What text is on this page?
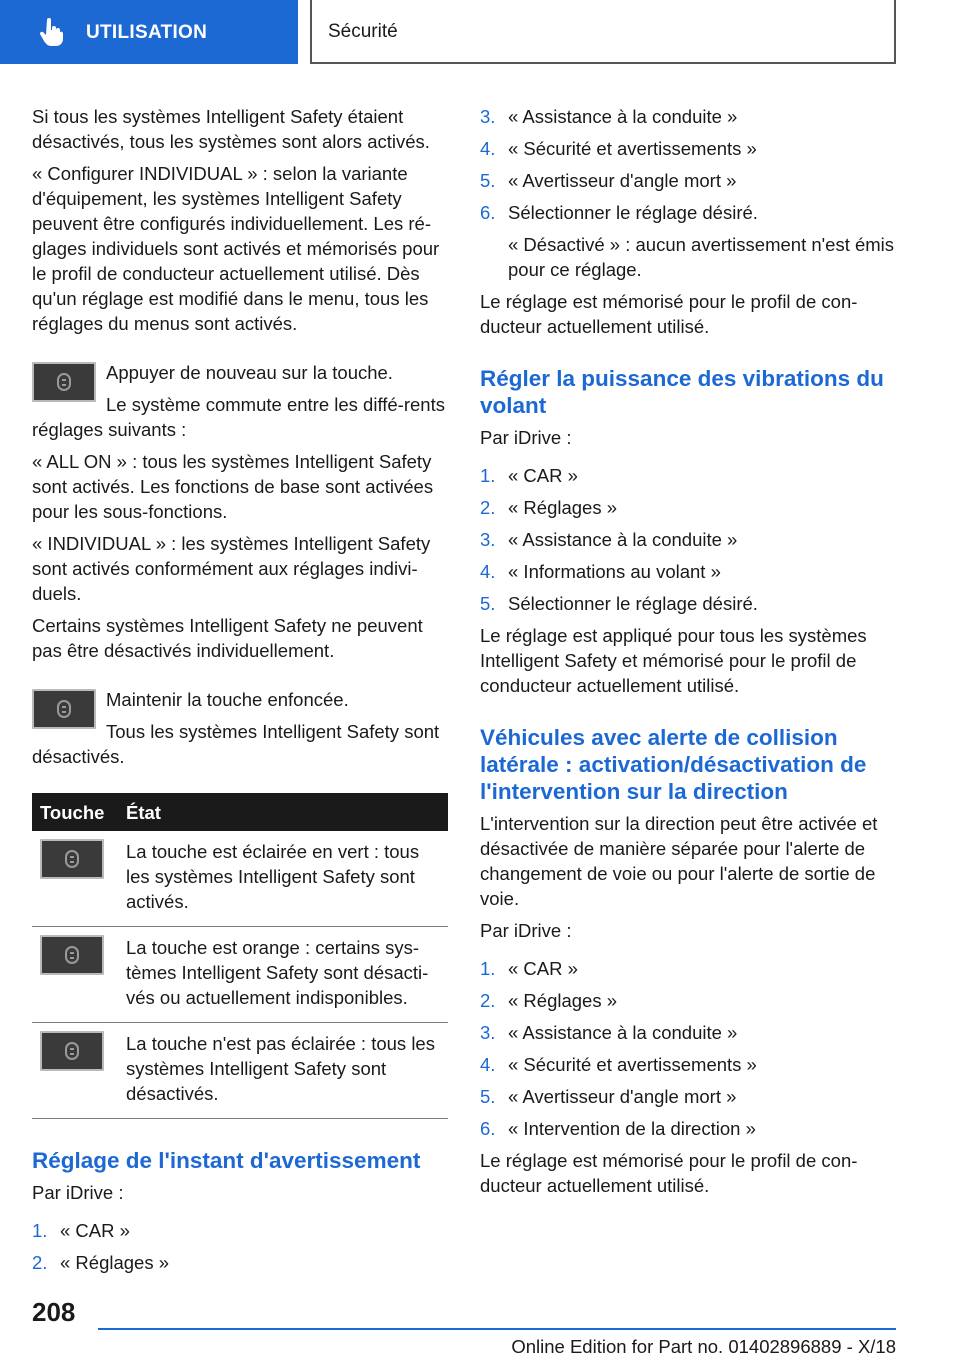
UTILISATION	Sécurité

Si tous les systèmes Intelligent Safety étaient désactivés, tous les systèmes sont alors activés.

« Configurer INDIVIDUAL » : selon la variante d'équipement, les systèmes Intelligent Safety peuvent être configurés individuellement. Les ré‐glages individuels sont activés et mémorisés pour le profil de conducteur actuellement utilisé. Dès qu'un réglage est modifié dans le menu, tous les réglages du menus sont activés.

Appuyer de nouveau sur la touche.

Le système commute entre les diffé‐rents réglages suivants :

« ALL ON » : tous les systèmes Intelligent Safety sont activés. Les fonctions de base sont activées pour les sous-fonctions.

« INDIVIDUAL » : les systèmes Intelligent Safety sont activés conformément aux réglages indivi‐duels.

Certains systèmes Intelligent Safety ne peuvent pas être désactivés individuellement.

Maintenir la touche enfoncée.

Tous les systèmes Intelligent Safety sont désactivés.

Touche	État

	La touche est éclairée en vert : tous les systèmes Intelligent Safety sont activés.

	La touche est orange : certains sys‐tèmes Intelligent Safety sont désacti‐vés ou actuellement indisponibles.

	La touche n'est pas éclairée : tous les systèmes Intelligent Safety sont désactivés.
Réglage de l'instant d'avertissement

Par iDrive :

1. « CAR »
2. « Réglages »
3. « Assistance à la conduite »
4. « Sécurité et avertissements »
5. « Avertisseur d'angle mort »
6. Sélectionner le réglage désiré.

« Désactivé » : aucun avertissement n'est émis pour ce réglage.

Le réglage est mémorisé pour le profil de con‐ducteur actuellement utilisé.

Régler la puissance des vibrations du volant

Par iDrive :

1. « CAR »
2. « Réglages »
3. « Assistance à la conduite »
4. « Informations au volant »
5. Sélectionner le réglage désiré.

Le réglage est appliqué pour tous les systèmes Intelligent Safety et mémorisé pour le profil de conducteur actuellement utilisé.

Véhicules avec alerte de collision latérale : activation/désactivation de l'intervention sur la direction

L'intervention sur la direction peut être activée et désactivée de manière séparée pour l'alerte de changement de voie ou pour l'alerte de sortie de voie.

Par iDrive :

1. « CAR »
2. « Réglages »
3. « Assistance à la conduite »
4. « Sécurité et avertissements »
5. « Avertisseur d'angle mort »
6. « Intervention de la direction »

Le réglage est mémorisé pour le profil de con‐ducteur actuellement utilisé.

208
Online Edition for Part no. 01402896889 - X/18
